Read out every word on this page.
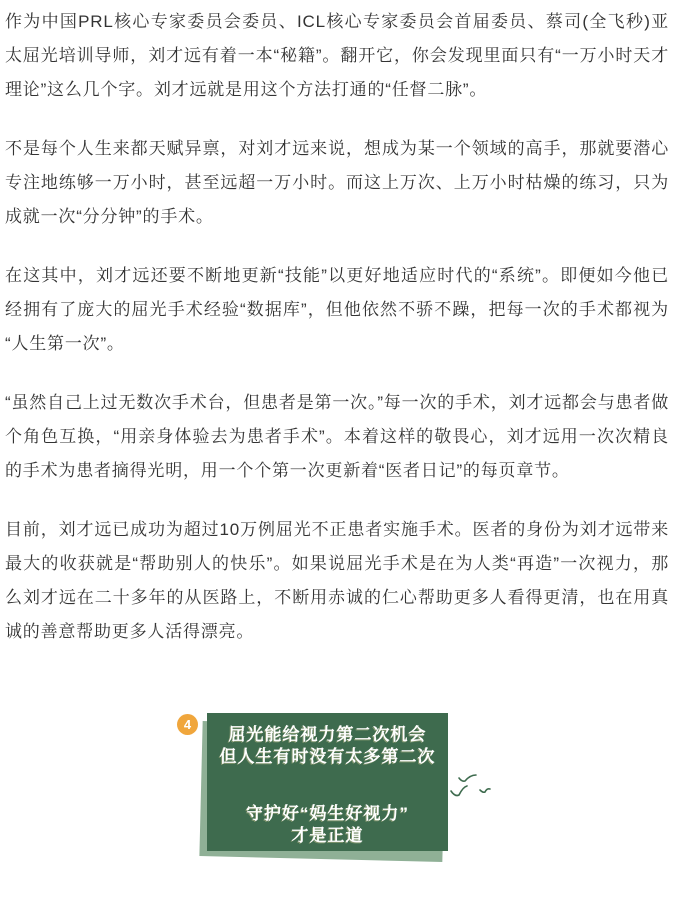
作为中国PRL核心专家委员会委员、ICL核心专家委员会首届委员、蔡司(全飞秒)亚太屈光培训导师，刘才远有着一本“秘籍”。翻开它，你会发现里面只有“一万小时天才理论”这么几个字。刘才远就是用这个方法打通的“任督二脉”。

不是每个人生来都天赋异禀，对刘才远来说，想成为某一个领域的高手，那就要潜心专注地练够一万小时，甚至远超一万小时。而这上万次、上万小时枯燥的练习，只为成就一次“分分钟”的手术。

在这其中，刘才远还要不断地更新“技能”以更好地适应时代的“系统”。即便如今他已经拥有了庞大的屈光手术经验“数据库”，但他依然不骄不躁，把每一次的手术都视为“人生第一次”。

“虽然自己上过无数次手术台，但患者是第一次。”每一次的手术，刘才远都会与患者做个角色互换，“用亲身体验去为患者手术”。本着这样的敬畏心，刘才远用一次次精良的手术为患者摘得光明，用一个个第一次更新着“医者日记”的每页章节。

目前，刘才远已成功为超过10万例屈光不正患者实施手术。医者的身份为刘才远带来最大的收获就是“帮助别人的快乐”。如果说屈光手术是在为人类“再造”一次视力，那么刘才远在二十多年的从医路上，不断用赤诚的仁心帮助更多人看得更清，也在用真诚的善意帮助更多人活得漂亮。

屈光能给视力第二次机会
但人生有时没有太多第二次
守护好“妈生好视力”
才是正道
4
